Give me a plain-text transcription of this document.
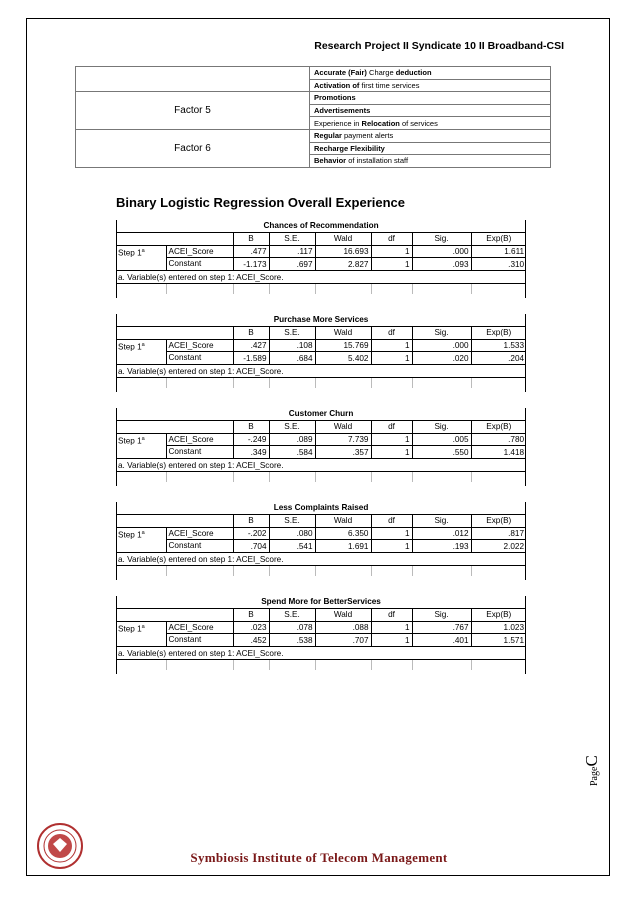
Research Project II Syndicate 10 II Broadband-CSI
	Accurate (Fair) Charge deduction
	Activation of first time services
Factor 5	Promotions
	Advertisements
	Experience in Relocation of services
Factor 6	Regular payment alerts
	Recharge Flexibility
	Behavior of installation staff
Binary Logistic Regression Overall Experience
Chances of Recommendation							
		B	S.E.	Wald	df	Sig.	Exp(B)
Step 1$^a$	ACEI_Score	.477	.117	16.693	1	.000	1.611
	Constant	-1.173	.697	2.827	1	.093	.310
a. Variable(s) entered on step 1: ACEI_Score.							

Purchase More Services							
		B	S.E.	Wald	df	Sig.	Exp(B)
Step 1$^a$	ACEI_Score	.427	.108	15.769	1	.000	1.533
	Constant	-1.589	.684	5.402	1	.020	.204
a. Variable(s) entered on step 1: ACEI_Score.							

Customer Churn							
		B	S.E.	Wald	df	Sig.	Exp(B)
Step 1$^a$	ACEI_Score	-.249	.089	7.739	1	.005	.780
	Constant	.349	.584	.357	1	.550	1.418
a. Variable(s) entered on step 1: ACEI_Score.							

Less Complaints Raised							
		B	S.E.	Wald	df	Sig.	Exp(B)
Step 1$^a$	ACEI_Score	-.202	.080	6.350	1	.012	.817
	Constant	.704	.541	1.691	1	.193	2.022
a. Variable(s) entered on step 1: ACEI_Score.							

Spend More for BetterServices							
		B	S.E.	Wald	df	Sig.	Exp(B)
Step 1$^a$	ACEI_Score	.023	.078	.088	1	.767	1.023
	Constant	.452	.538	.707	1	.401	1.571
a. Variable(s) entered on step 1: ACEI_Score.							

PageC
Symbiosis Institute of Telecom Management
